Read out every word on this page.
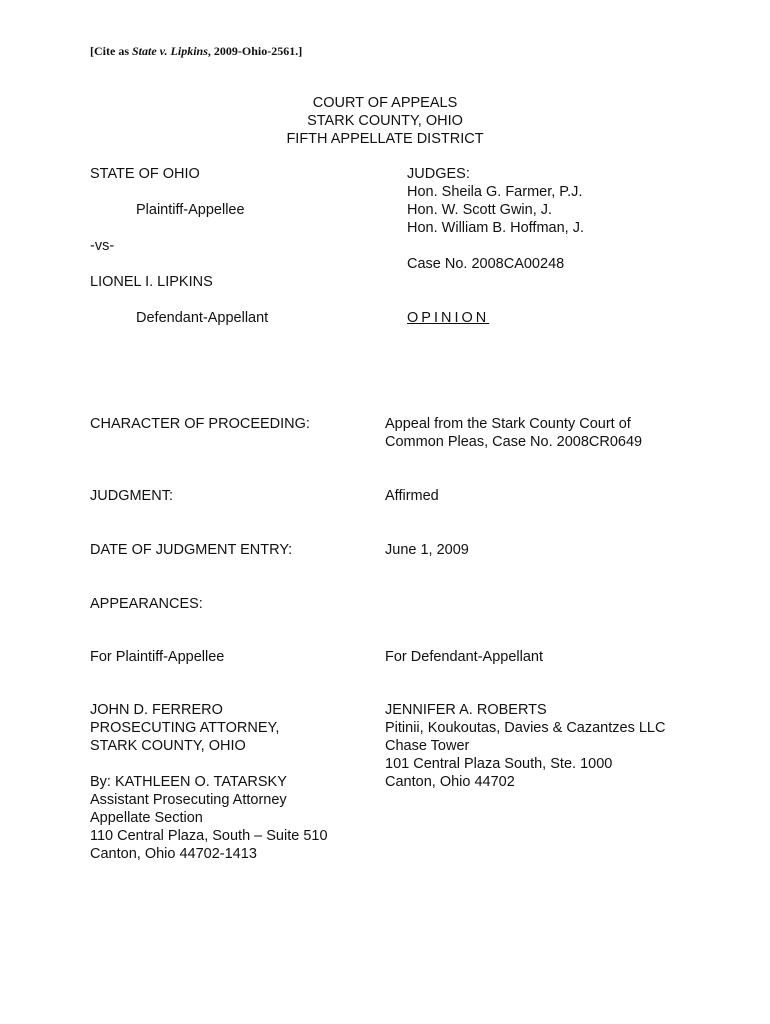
[Cite as State v. Lipkins, 2009-Ohio-2561.]
COURT OF APPEALS
STARK COUNTY, OHIO
FIFTH APPELLATE DISTRICT
STATE OF OHIO
Plaintiff-Appellee
-vs-
LIONEL I. LIPKINS
Defendant-Appellant
JUDGES:
Hon. Sheila G. Farmer, P.J.
Hon. W. Scott Gwin, J.
Hon. William B. Hoffman, J.
Case No. 2008CA00248
OPINION
CHARACTER OF PROCEEDING:	Appeal from the Stark County Court of
Common Pleas, Case No. 2008CR0649
JUDGMENT:	Affirmed
DATE OF JUDGMENT ENTRY:	June 1, 2009
APPEARANCES:
For Plaintiff-Appellee	For Defendant-Appellant
JOHN D. FERRERO
PROSECUTING ATTORNEY,
STARK COUNTY, OHIO
By: KATHLEEN O. TATARSKY
Assistant Prosecuting Attorney
Appellate Section
110 Central Plaza, South – Suite 510
Canton, Ohio 44702-1413
JENNIFER A. ROBERTS
Pitinii, Koukoutas, Davies & Cazantzes LLC
Chase Tower
101 Central Plaza South, Ste. 1000
Canton, Ohio 44702
